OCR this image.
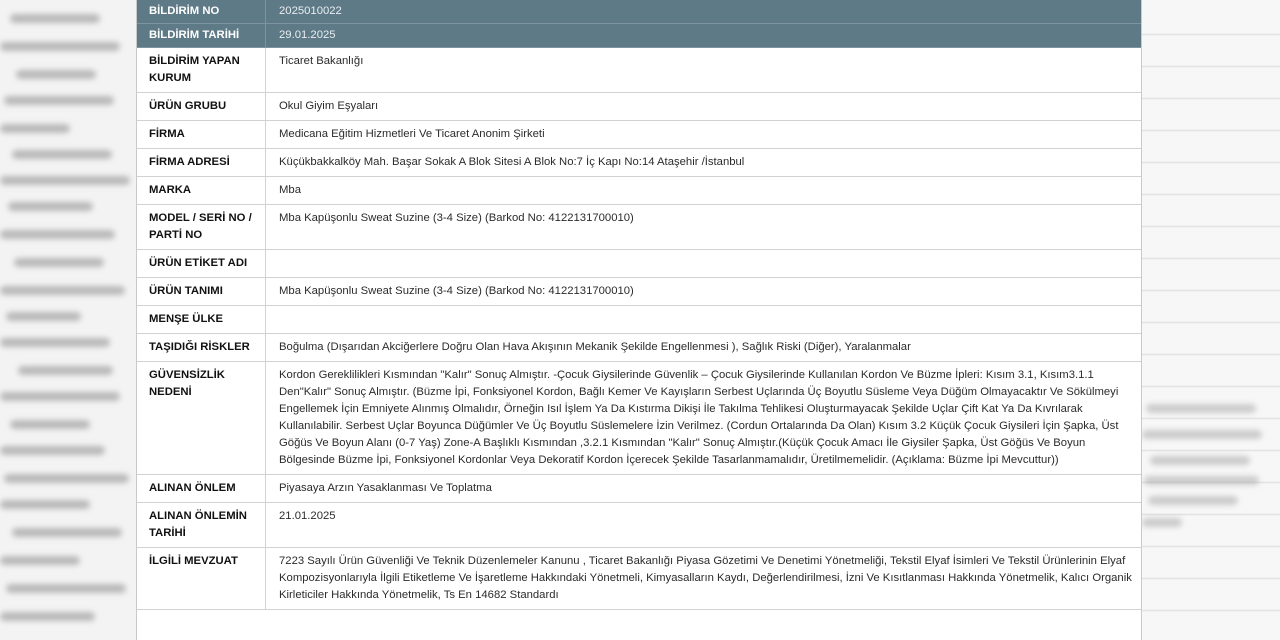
BİLDİRİM NO	2025010022
BİLDİRİM TARİHİ	29.01.2025
BİLDİRİM YAPAN KURUM	Ticaret Bakanlığı
ÜRÜN GRUBU	Okul Giyim Eşyaları
FİRMA	Medicana Eğitim Hizmetleri Ve Ticaret Anonim Şirketi
FİRMA ADRESİ	Küçükbakkalköy Mah. Başar Sokak A Blok Sitesi A Blok No:7 İç Kapı No:14 Ataşehir /İstanbul
MARKA	Mba
MODEL / SERİ NO / PARTİ NO	Mba Kapüşonlu Sweat Suzine (3-4 Size) (Barkod No: 4122131700010)
ÜRÜN ETİKET ADI	
ÜRÜN TANIMI	Mba Kapüşonlu Sweat Suzine (3-4 Size) (Barkod No: 4122131700010)
MENŞE ÜLKE	
TAŞIDIĞI RİSKLER	Boğulma (Dışarıdan Akciğerlere Doğru Olan Hava Akışının Mekanik Şekilde Engellenmesi ), Sağlık Riski (Diğer), Yaralanmalar
GÜVENSİZLİK NEDENİ	Kordon Gereklilikleri Kısmından "Kalır" Sonuç Almıştır. -Çocuk Giysilerinde Güvenlik – Çocuk Giysilerinde Kullanılan Kordon Ve Büzme İpleri: Kısım 3.1, Kısım3.1.1 Den"Kalır" Sonuç Almıştır. (Büzme İpi, Fonksiyonel Kordon, Bağlı Kemer Ve Kayışların Serbest Uçlarında Üç Boyutlu Süsleme Veya Düğüm Olmayacaktır Ve Sökülmeyi Engellemek İçin Emniyete Alınmış Olmalıdır, Örneğin Isıl İşlem Ya Da Kıstırma Dikişi İle Takılma Tehlikesi Oluşturmayacak Şekilde Uçlar Çift Kat Ya Da Kıvrılarak Kullanılabilir. Serbest Uçlar Boyunca Düğümler Ve Üç Boyutlu Süslemelere İzin Verilmez. (Cordun Ortalarında Da Olan) Kısım 3.2 Küçük Çocuk Giysileri İçin Şapka, Üst Göğüs Ve Boyun Alanı (0-7 Yaş) Zone-A Başlıklı Kısmından ,3.2.1 Kısmından "Kalır" Sonuç Almıştır.(Küçük Çocuk Amacı İle Giysiler Şapka, Üst Göğüs Ve Boyun Bölgesinde Büzme İpi, Fonksiyonel Kordonlar Veya Dekoratif Kordon İçerecek Şekilde Tasarlanmamalıdır, Üretilmemelidir. (Açıklama: Büzme İpi Mevcuttur))
ALINAN ÖNLEM	Piyasaya Arzın Yasaklanması Ve Toplatma
ALINAN ÖNLEMİN TARİHİ	21.01.2025
İLGİLİ MEVZUAT	7223 Sayılı Ürün Güvenliği Ve Teknik Düzenlemeler Kanunu , Ticaret Bakanlığı Piyasa Gözetimi Ve Denetimi Yönetmeliği, Tekstil Elyaf İsimleri Ve Tekstil Ürünlerinin Elyaf Kompozisyonlarıyla İlgili Etiketleme Ve İşaretleme Hakkındaki Yönetmeli, Kimyasalların Kaydı, Değerlendirilmesi, İzni Ve Kısıtlanması Hakkında Yönetmelik, Kalıcı Organik Kirleticiler Hakkında Yönetmelik, Ts En 14682 Standardı
